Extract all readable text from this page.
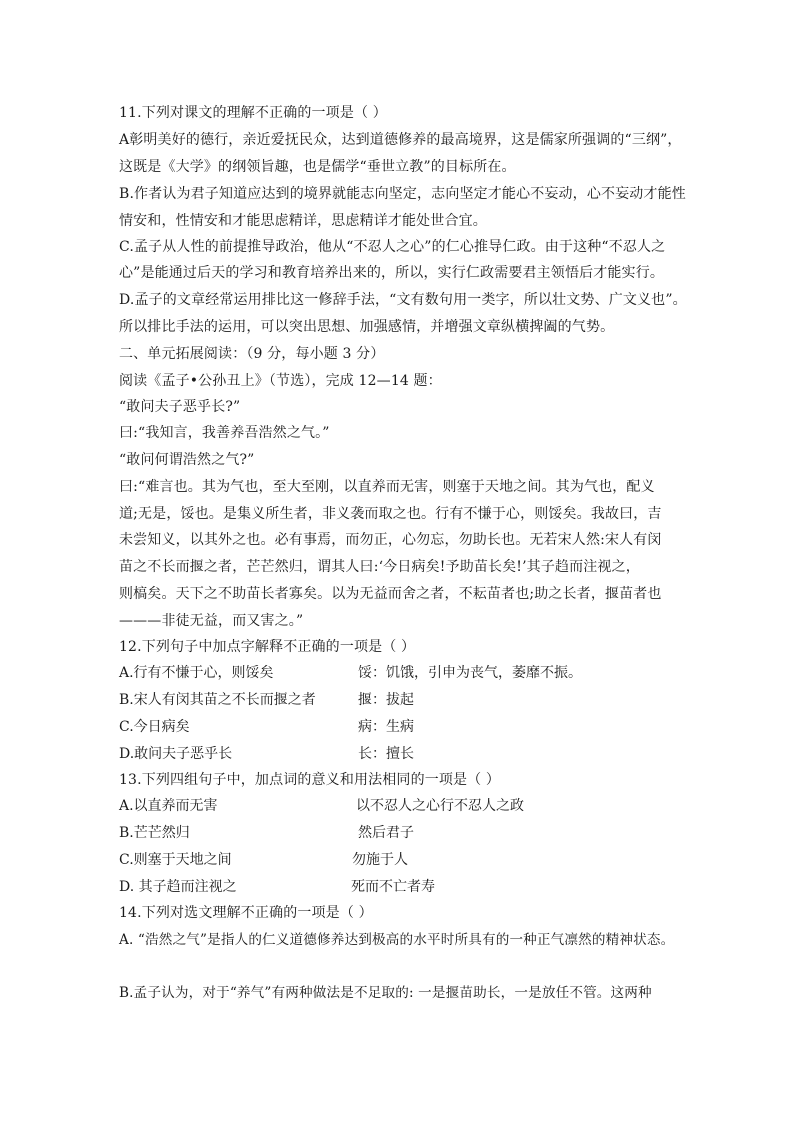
11.下列对课文的理解不正确的一项是（ ）
A彰明美好的德行，亲近爱抚民众，达到道德修养的最高境界，这是儒家所强调的“三纲”，
这既是《大学》的纲领旨趣，也是儒学“垂世立教”的目标所在。
B.作者认为君子知道应达到的境界就能志向坚定，志向坚定才能心不妄动，心不妄动才能性
情安和，性情安和才能思虑精详，思虑精详才能处世合宜。
C.孟子从人性的前提推导政治，他从“不忍人之心”的仁心推导仁政。由于这种“不忍人之
心”是能通过后天的学习和教育培养出来的，所以，实行仁政需要君主领悟后才能实行。
D.孟子的文章经常运用排比这一修辞手法，“文有数句用一类字，所以壮文势、广文义也”。
所以排比手法的运用，可以突出思想、加强感情，并增强文章纵横捭阖的气势。
二、单元拓展阅读：（9 分，每小题 3 分）
阅读《孟子•公孙丑上》（节选），完成 12—14 题：
“敢问夫子恶乎长?”
曰:“我知言，我善养吾浩然之气。”
“敢问何谓浩然之气?”
曰:“难言也。其为气也，至大至刚，以直养而无害，则塞于天地之间。其为气也，配义
道;无是，馁也。是集义所生者，非义袭而取之也。行有不慊于心，则馁矣。我故曰，吉
未尝知义，以其外之也。必有事焉，而勿正，心勿忘，勿助长也。无若宋人然:宋人有闵
苗之不长而揠之者，芒芒然归，谓其人曰:‘今日病矣!予助苗长矣!’其子趋而注视之，
则槁矣。天下之不助苗长者寡矣。以为无益而舍之者，不耘苗者也;助之长者，揠苗者也
———非徒无益，而又害之。”
12.下列句子中加点字解释不正确的一项是（ ）
A.行有不慊于心，则馁矣	馁：饥饿，引申为丧气，萎靡不振。
B.宋人有闵其苗之不长而揠之者	揠：拔起
C.今日病矣	病：生病
D.敢问夫子恶乎长	长：擅长
13.下列四组句子中，加点词的意义和用法相同的一项是（ ）
A.以直养而无害	以不忍人之心行不忍人之政
B.芒芒然归	然后君子
C.则塞于天地之间	勿施于人
D. 其子趋而注视之	死而不亡者寿
14.下列对选文理解不正确的一项是（ ）
A. “浩然之气”是指人的仁义道德修养达到极高的水平时所具有的一种正气凛然的精神状态。
B.孟子认为，对于“养气”有两种做法是不足取的: 一是揠苗助长，一是放任不管。这两种
